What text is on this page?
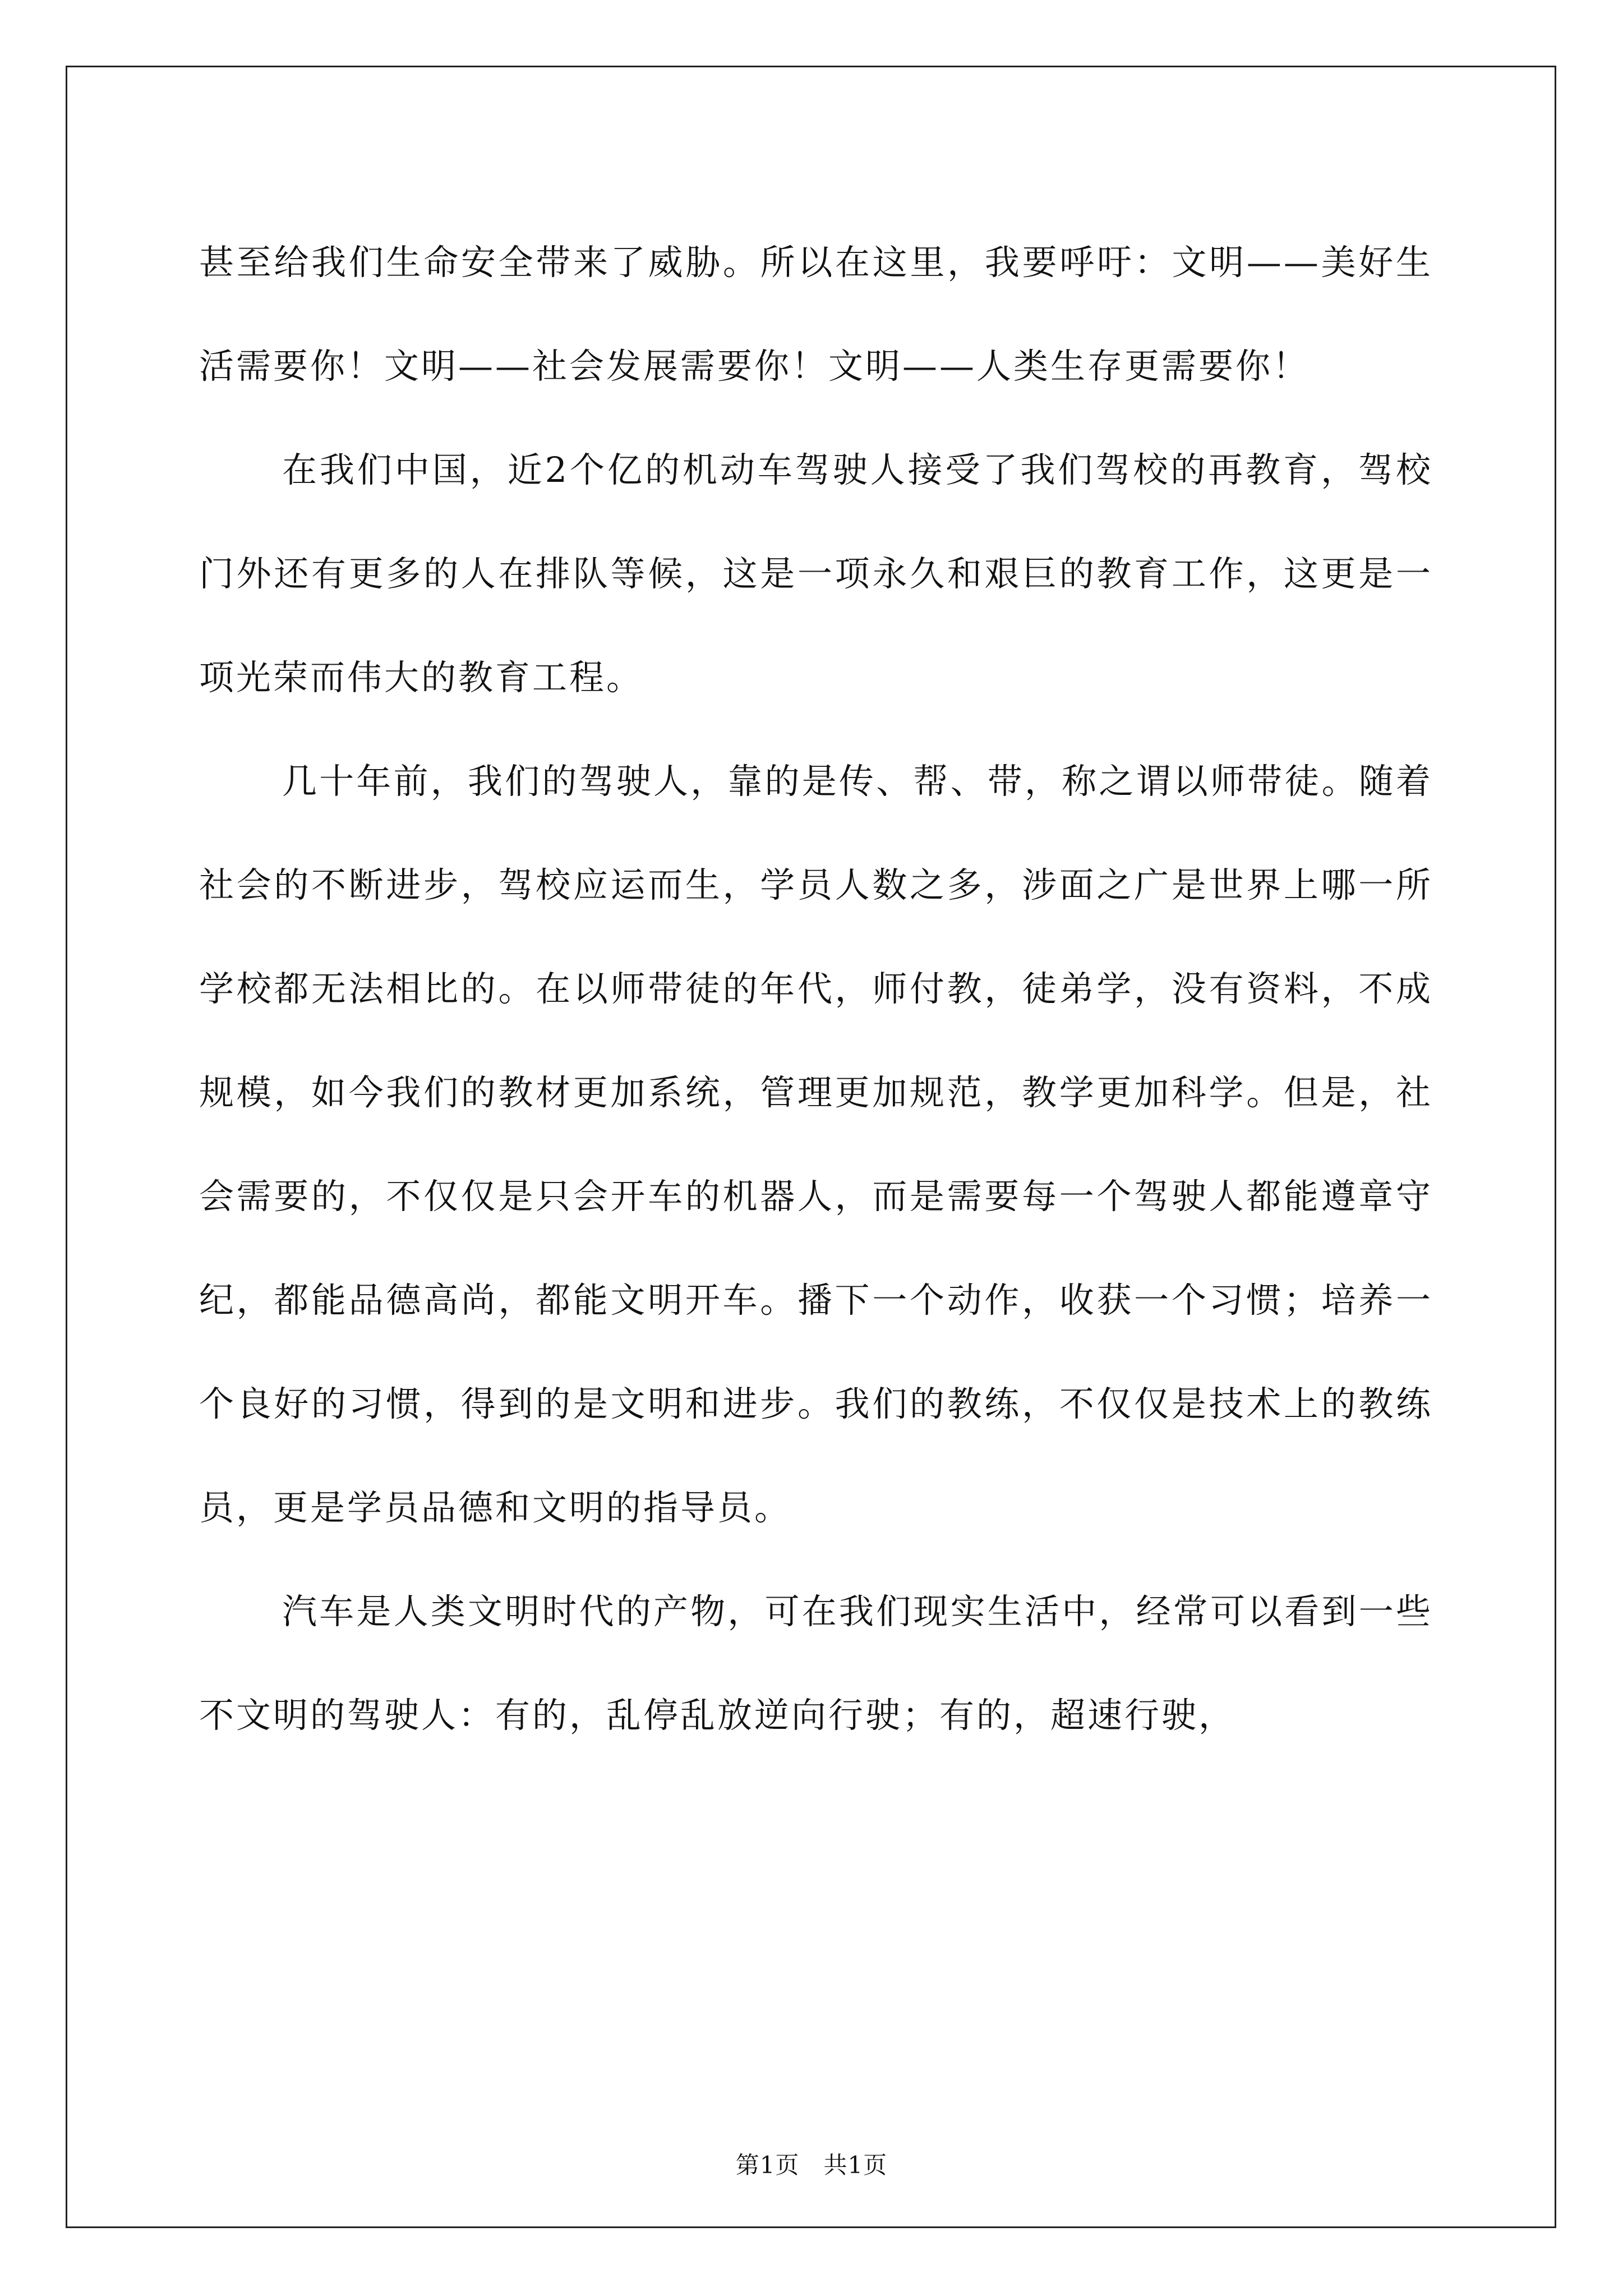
甚至给我们生命安全带来了威胁。所以在这里，我要呼吁：文明——美好生活需要你！文明——社会发展需要你！文明——人类生存更需要你！

在我们中国，近2个亿的机动车驾驶人接受了我们驾校的再教育，驾校门外还有更多的人在排队等候，这是一项永久和艰巨的教育工作，这更是一项光荣而伟大的教育工程。

几十年前，我们的驾驶人，靠的是传、帮、带，称之谓以师带徒。随着社会的不断进步，驾校应运而生，学员人数之多，涉面之广是世界上哪一所学校都无法相比的。在以师带徒的年代，师付教，徒弟学，没有资料，不成规模，如今我们的教材更加系统，管理更加规范，教学更加科学。但是，社会需要的，不仅仅是只会开车的机器人，而是需要每一个驾驶人都能遵章守纪，都能品德高尚，都能文明开车。播下一个动作，收获一个习惯；培养一个良好的习惯，得到的是文明和进步。我们的教练，不仅仅是技术上的教练员，更是学员品德和文明的指导员。

汽车是人类文明时代的产物，可在我们现实生活中，经常可以看到一些不文明的驾驶人：有的，乱停乱放逆向行驶；有的，超速行驶，

第1页　共1页
